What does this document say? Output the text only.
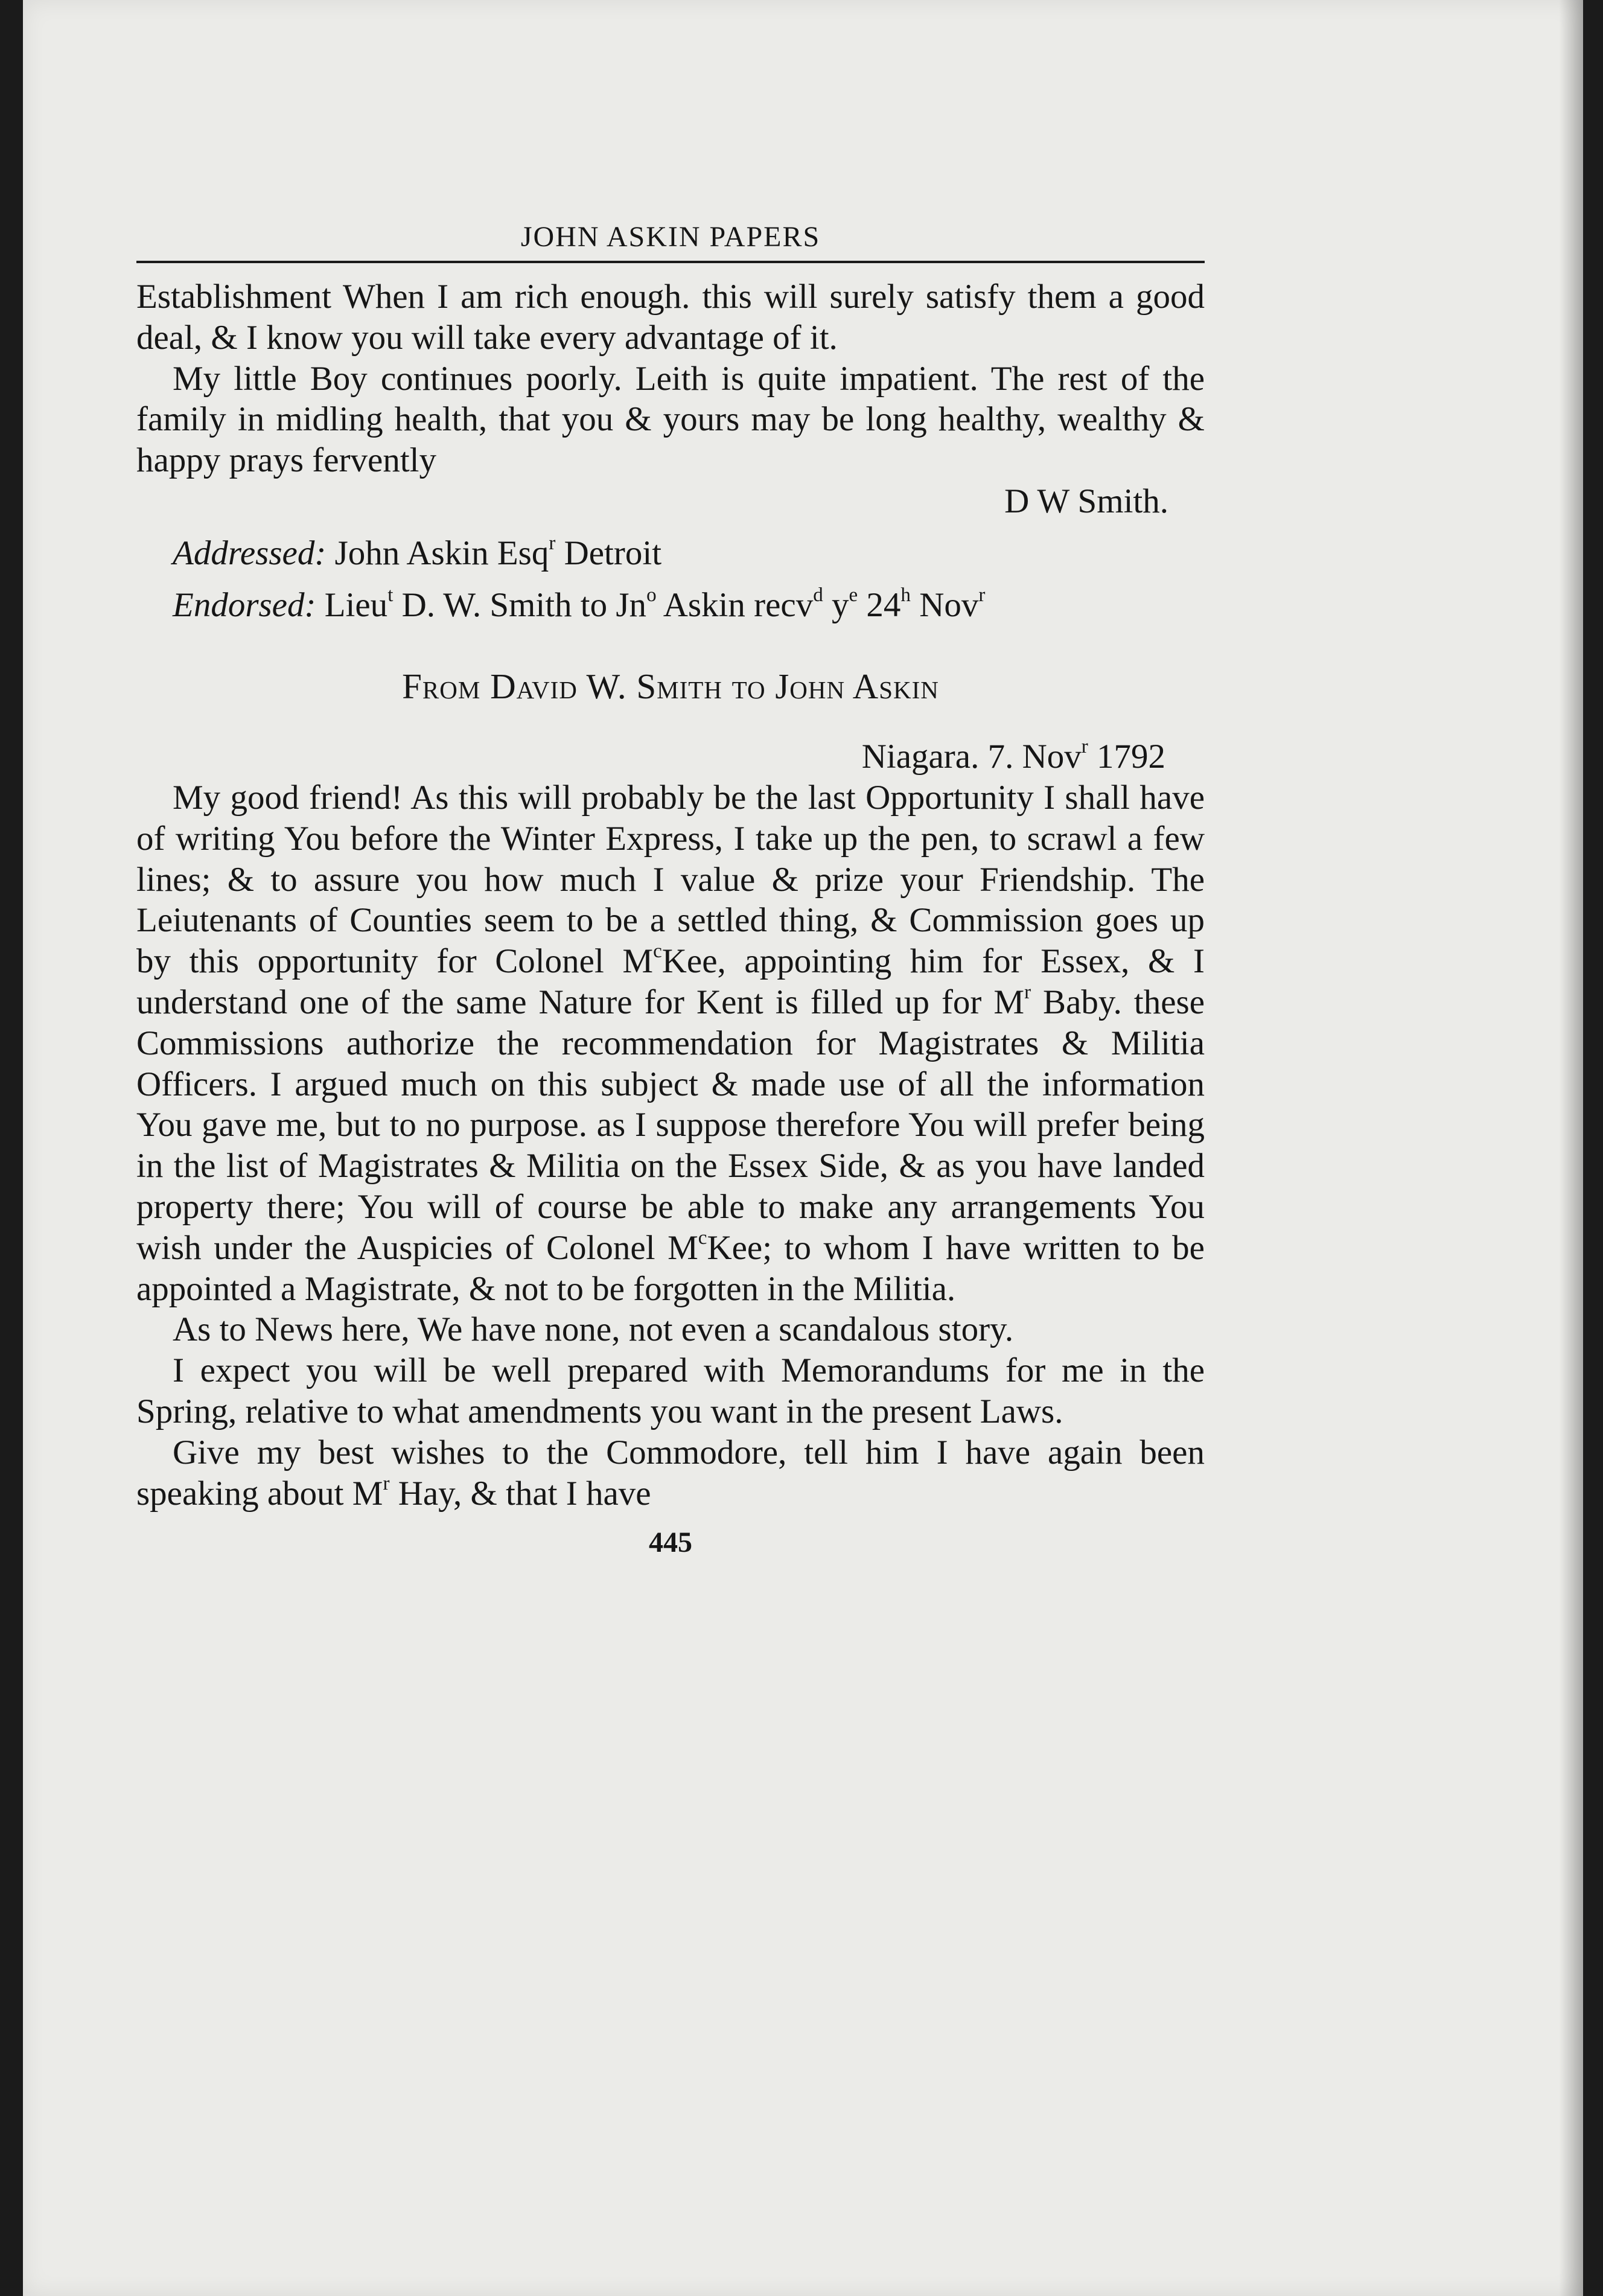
JOHN ASKIN PAPERS

Establishment When I am rich enough. this will surely satisfy them a good deal, & I know you will take every advantage of it.

My little Boy continues poorly. Leith is quite impatient. The rest of the family in midling health, that you & yours may be long healthy, wealthy & happy prays fervently

D W Smith.

Addressed: John Askin Esq$^r$ Detroit

Endorsed: Lieu$^t$ D. W. Smith to Jn$^o$ Askin recv$^d$ $y^e$ 24$^h$ Nov$^r$

From David W. Smith to John Askin
Niagara. 7. Nov$^r$ 1792

My good friend! As this will probably be the last Opportunity I shall have of writing You before the Winter Express, I take up the pen, to scrawl a few lines; & to assure you how much I value & prize your Friendship. The Leiutenants of Counties seem to be a settled thing, & Commission goes up by this opportunity for Colonel $M^cKee$, appointing him for Essex, & I understand one of the same Nature for Kent is filled up for $M^r$ Baby. these Commissions authorize the recommendation for Magistrates & Militia Officers. I argued much on this subject & made use of all the information You gave me, but to no purpose. as I suppose therefore You will prefer being in the list of Magistrates & Militia on the Essex Side, & as you have landed property there; You will of course be able to make any arrangements You wish under the Auspicies of Colonel $M^cKee$; to whom I have written to be appointed a Magistrate, & not to be forgotten in the Militia.

As to News here, We have none, not even a scandalous story.

I expect you will be well prepared with Memorandums for me in the Spring, relative to what amendments you want in the present Laws.

Give my best wishes to the Commodore, tell him I have again been speaking about $M^r$ Hay, & that I have

445
